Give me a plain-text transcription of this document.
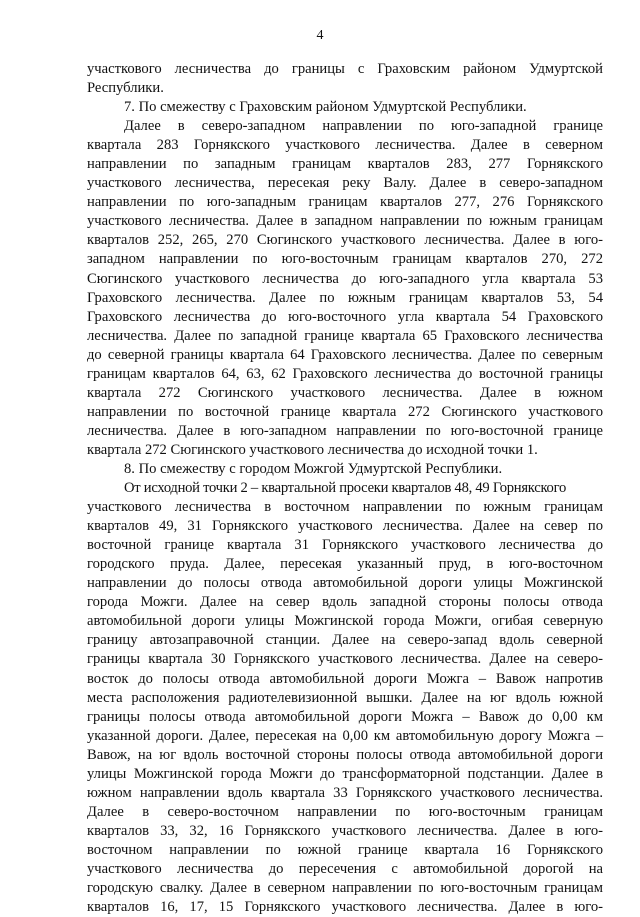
4
участкового лесничества до границы с Граховским районом Удмуртской
Республики.
7. По смежеству с Граховским районом Удмуртской Республики.
Далее в северо-западном направлении по юго-западной границе
квартала 283 Горнякского участкового лесничества. Далее в северном
направлении по западным границам кварталов 283, 277 Горнякского
участкового лесничества, пересекая реку Валу. Далее в северо-западном
направлении по юго-западным границам кварталов 277, 276 Горнякского
участкового лесничества. Далее в западном направлении по южным границам
кварталов 252, 265, 270 Сюгинского участкового лесничества. Далее в юго-
западном направлении по юго-восточным границам кварталов 270, 272
Сюгинского участкового лесничества до юго-западного угла квартала 53
Граховского лесничества. Далее по южным границам кварталов 53, 54
Граховского лесничества до юго-восточного угла квартала 54 Граховского
лесничества. Далее по западной границе квартала 65 Граховского лесничества
до северной границы квартала 64 Граховского лесничества. Далее по северным
границам кварталов 64, 63, 62 Граховского лесничества до восточной границы
квартала 272 Сюгинского участкового лесничества. Далее в южном
направлении по восточной границе квартала 272 Сюгинского участкового
лесничества. Далее в юго-западном направлении по юго-восточной границе
квартала 272 Сюгинского участкового лесничества до исходной точки 1.
8. По смежеству с городом Можгой Удмуртской Республики.
От исходной точки 2 – квартальной просеки кварталов 48, 49 Горнякского
участкового лесничества в восточном направлении по южным границам
кварталов 49, 31 Горнякского участкового лесничества. Далее на север по
восточной границе квартала 31 Горнякского участкового лесничества до
городского пруда. Далее, пересекая указанный пруд, в юго-восточном
направлении до полосы отвода автомобильной дороги улицы Можгинской
города Можги. Далее на север вдоль западной стороны полосы отвода
автомобильной дороги улицы Можгинской города Можги, огибая северную
границу автозаправочной станции. Далее на северо-запад вдоль северной
границы квартала 30 Горнякского участкового лесничества. Далее на северо-
восток до полосы отвода автомобильной дороги Можга – Вавож напротив
места расположения радиотелевизионной вышки. Далее на юг вдоль южной
границы полосы отвода автомобильной дороги Можга – Вавож до 0,00 км
указанной дороги. Далее, пересекая на 0,00 км автомобильную дорогу Можга –
Вавож, на юг вдоль восточной стороны полосы отвода автомобильной дороги
улицы Можгинской города Можги до трансформаторной подстанции. Далее в
южном направлении вдоль квартала 33 Горнякского участкового лесничества.
Далее в северо-восточном направлении по юго-восточным границам
кварталов 33, 32, 16 Горнякского участкового лесничества. Далее в юго-
восточном направлении по южной границе квартала 16 Горнякского
участкового лесничества до пересечения с автомобильной дорогой на
городскую свалку. Далее в северном направлении по юго-восточным границам
кварталов 16, 17, 15 Горнякского участкового лесничества. Далее в юго-
